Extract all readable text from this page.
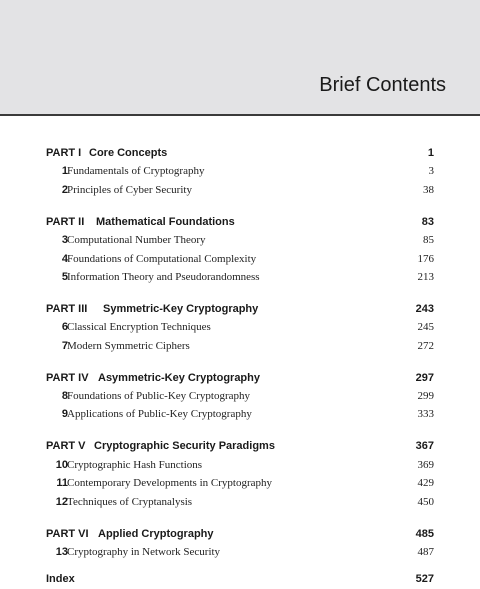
Brief Contents
PART I Core Concepts	1
1 Fundamentals of Cryptography	3
2 Principles of Cyber Security	38
PART II Mathematical Foundations	83
3 Computational Number Theory	85
4 Foundations of Computational Complexity	176
5 Information Theory and Pseudorandomness	213
PART III Symmetric-Key Cryptography	243
6 Classical Encryption Techniques	245
7 Modern Symmetric Ciphers	272
PART IV Asymmetric-Key Cryptography	297
8 Foundations of Public-Key Cryptography	299
9 Applications of Public-Key Cryptography	333
PART V Cryptographic Security Paradigms	367
10 Cryptographic Hash Functions	369
11 Contemporary Developments in Cryptography	429
12 Techniques of Cryptanalysis	450
PART VI Applied Cryptography	485
13 Cryptography in Network Security	487
Index	527
